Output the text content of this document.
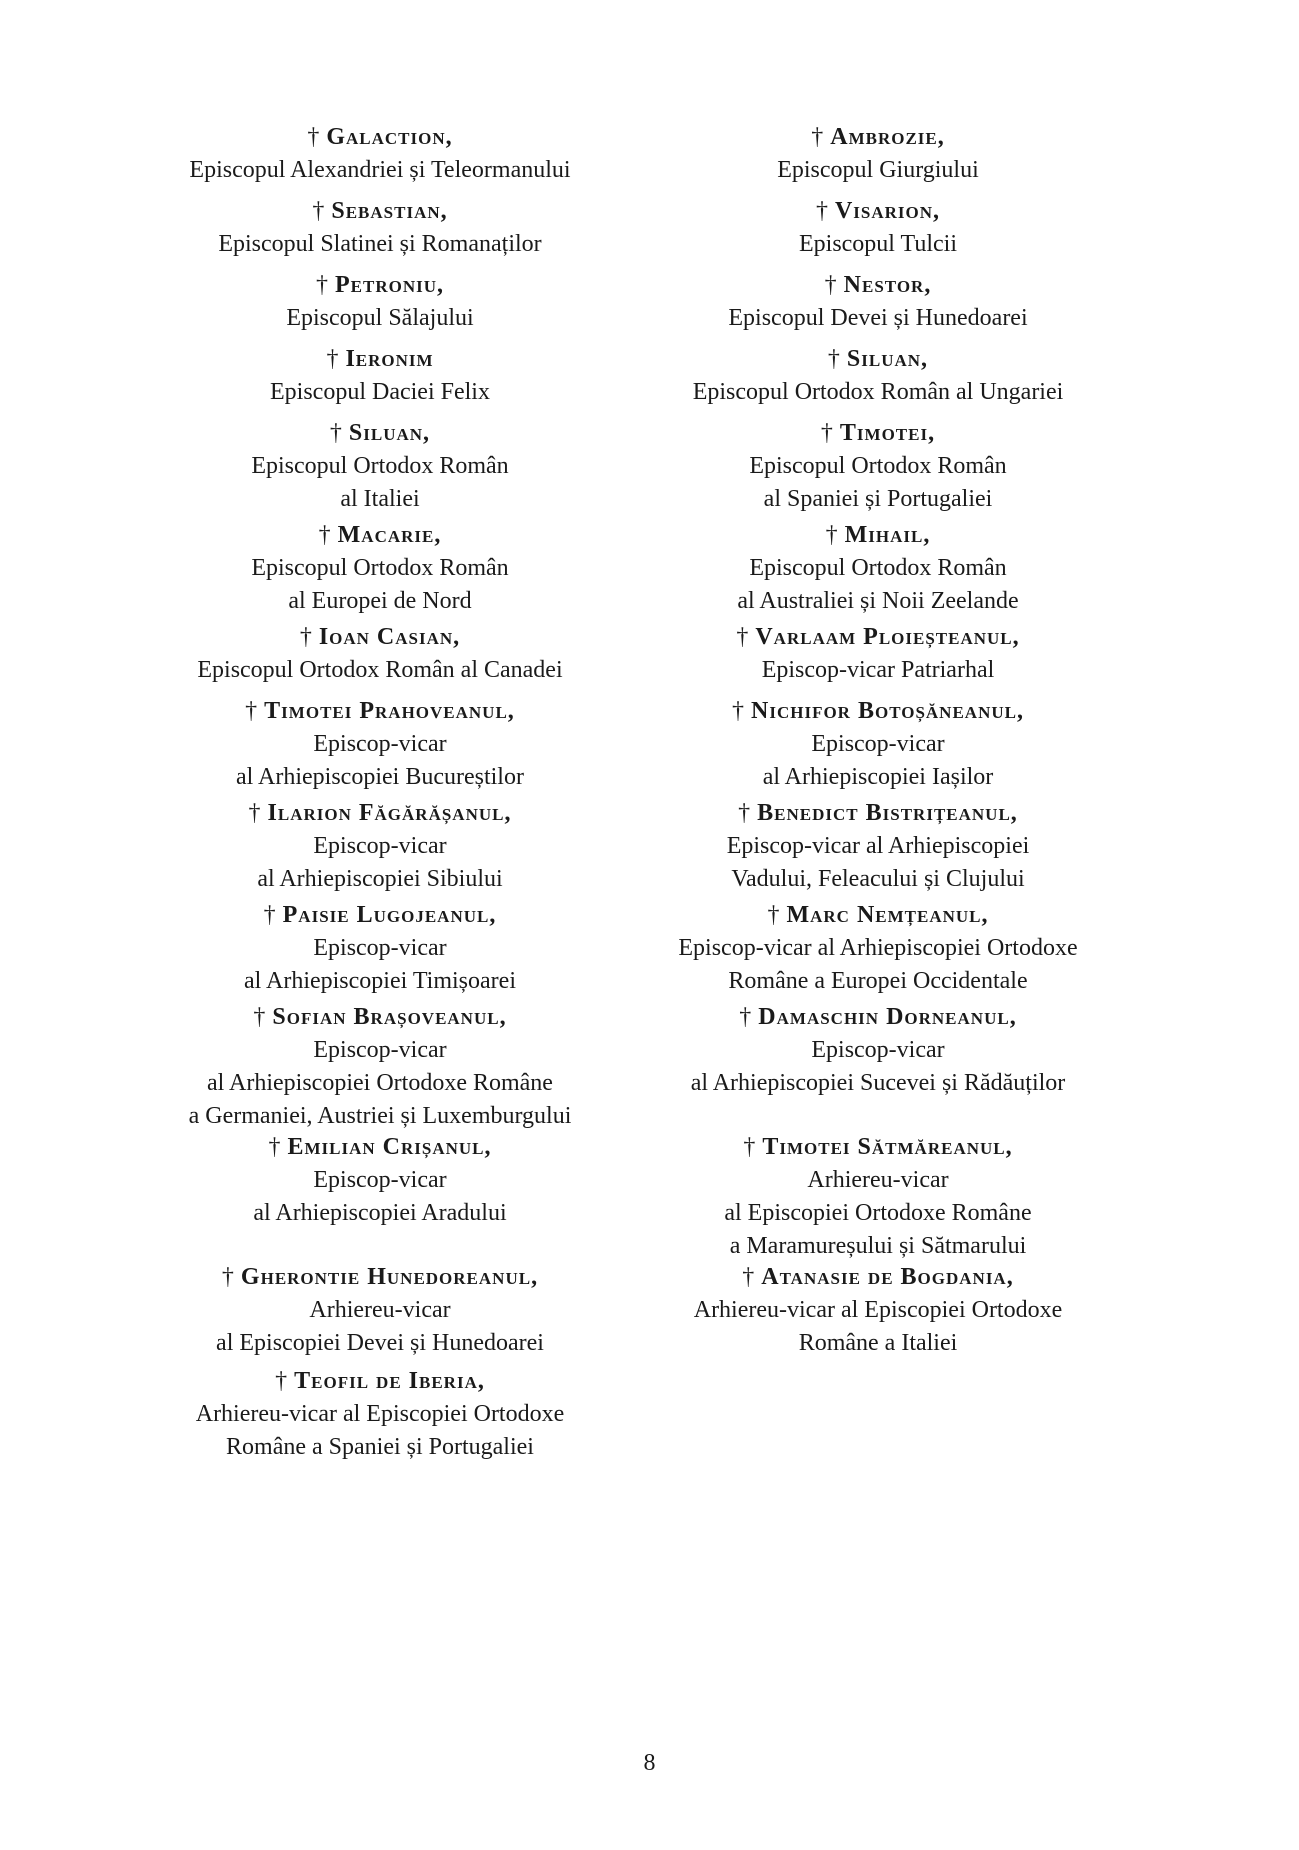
† Galaction,
Episcopul Alexandriei și Teleormanului
† Sebastian,
Episcopul Slatinei și Romanaților
† Petroniu,
Episcopul Sălajului
† Ieronim
Episcopul Daciei Felix
† Siluan,
Episcopul Ortodox Român
al Italiei
† Macarie,
Episcopul Ortodox Român
al Europei de Nord
† Ioan Casian,
Episcopul Ortodox Român al Canadei
† Timotei Prahoveanul,
Episcop-vicar
al Arhiepiscopiei Bucureștilor
† Ilarion Făgărășanul,
Episcop-vicar
al Arhiepiscopiei Sibiului
† Paisie Lugojeanul,
Episcop-vicar
al Arhiepiscopiei Timișoarei
† Sofian Brașoveanul,
Episcop-vicar
al Arhiepiscopiei Ortodoxe Române
a Germaniei, Austriei și Luxemburgului
† Emilian Crișanul,
Episcop-vicar
al Arhiepiscopiei Aradului
† Gherontie Hunedoreanul,
Arhiereu-vicar
al Episcopiei Devei și Hunedoarei
† Teofil de Iberia,
Arhiereu-vicar al Episcopiei Ortodoxe
Române a Spaniei și Portugaliei
† Ambrozie,
Episcopul Giurgiului
† Visarion,
Episcopul Tulcii
† Nestor,
Episcopul Devei și Hunedoarei
† Siluan,
Episcopul Ortodox Român al Ungariei
† Timotei,
Episcopul Ortodox Român
al Spaniei și Portugaliei
† Mihail,
Episcopul Ortodox Român
al Australiei și Noii Zeelande
† Varlaam Ploieșteanul,
Episcop-vicar Patriarhal
† Nichifor Botoșăneanul,
Episcop-vicar
al Arhiepiscopiei Iașilor
† Benedict Bistrițeanul,
Episcop-vicar al Arhiepiscopiei
Vadului, Feleacului și Clujului
† Marc Nemțeanul,
Episcop-vicar al Arhiepiscopiei Ortodoxe
Române a Europei Occidentale
† Damaschin Dorneanul,
Episcop-vicar
al Arhiepiscopiei Sucevei și Rădăuților
† Timotei Sătmăreanul,
Arhiereu-vicar
al Episcopiei Ortodoxe Române
a Maramureșului și Sătmarului
† Atanasie de Bogdania,
Arhiereu-vicar al Episcopiei Ortodoxe
Române a Italiei
8
